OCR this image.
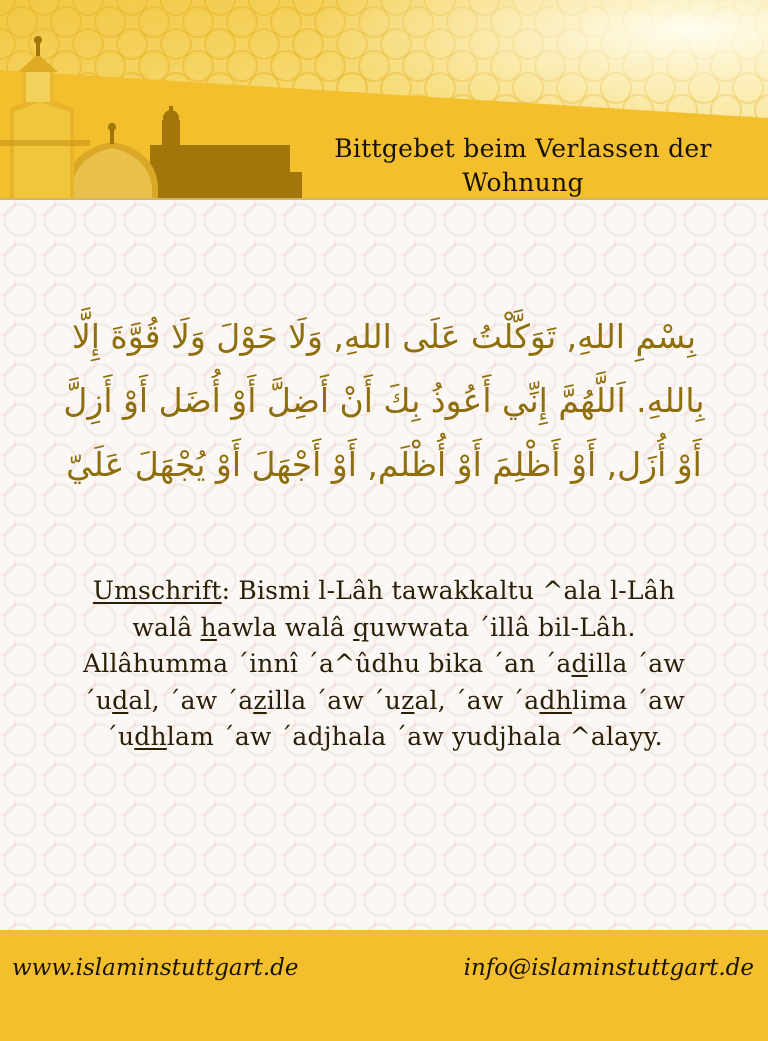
Bittgebet beim Verlassen der Wohnung
بِسْمِ اللهِ, تَوَكَّلْتُ عَلَى اللهِ, وَلَا حَوْلَ وَلَا قُوَّةَ إِلَّا بِاللهِ. اَللَّهُمَّ إِنِّي أَعُوذُ بِكَ أَنْ أَضِلَّ أَوْ أُضَل أَوْ أَزِلَّ أَوْ أُزَل, أَوْ أَظْلِمَ أَوْ أُظْلَم, أَوْ أَجْهَلَ أَوْ يُجْهَلَ عَلَيّ
Umschrift: Bismi l-Lâh tawakkaltu ^ala l-Lâh walâ hawla walâ quwwata ´illâ bil-Lâh. Allâhumma ´innî ´a^ûdhu bika ´an ´adilla ´aw ´udal, ´aw ´azilla ´aw ´uzal, ´aw ´adhlima ´aw ´udhlam ´aw ´adjhala ´aw yudjhala ^alayy.
www.islaminstuttgart.de	info@islaminstuttgart.de
